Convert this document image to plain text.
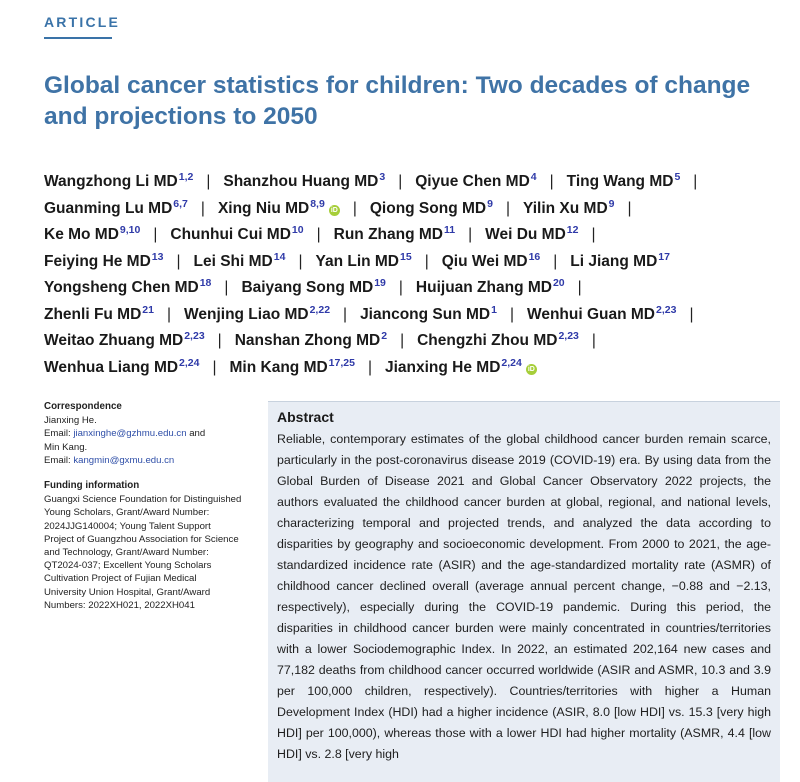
ARTICLE
Global cancer statistics for children: Two decades of change
and projections to 2050
Wangzhong Li MD$^{1,2}$ | Shanzhou Huang $MD^3$ | Qiyue Chen $MD^4$ | Ting Wang $MD^5$ |
Guanming Lu MD$^{6,7}$ | Xing Niu MD$^{8,9}$iD | Qiong Song $MD^9$ | Yilin Xu $MD^9$ |
Ke Mo MD$^{9,10}$ | Chunhui Cui MD$^{10}$ | Run Zhang MD$^{11}$ | Wei Du MD$^{12}$ |
Feiying He MD$^{13}$ | Lei Shi MD$^{14}$ | Yan Lin MD$^{15}$ | Qiu Wei MD$^{16}$ | Li Jiang MD$^{17}$
Yongsheng Chen MD$^{18}$ | Baiyang Song MD$^{19}$ | Huijuan Zhang MD$^{20}$ |
Zhenli Fu MD$^{21}$ | Wenjing Liao MD$^{2,22}$ | Jiancong Sun $MD^1$ | Wenhui Guan MD$^{2,23}$ |
Weitao Zhuang MD$^{2,23}$ | Nanshan Zhong $MD^2$ | Chengzhi Zhou MD$^{2,23}$ |
Wenhua Liang MD$^{2,24}$ | Min Kang MD$^{17,25}$ | Jianxing He MD$^{2,24}$iD
Correspondence
Jianxing He.
Email: jianxinghe@gzhmu.edu.cn and
Min Kang.
Email: kangmin@gxmu.edu.cn
Funding information
Guangxi Science Foundation for Distinguished
Young Scholars, Grant/Award Number:
2024JJG140004; Young Talent Support
Project of Guangzhou Association for Science
and Technology, Grant/Award Number:
QT2024-037; Excellent Young Scholars
Cultivation Project of Fujian Medical
University Union Hospital, Grant/Award
Numbers: 2022XH021, 2022XH041
Abstract

Reliable, contemporary estimates of the global childhood cancer burden remain scarce, particularly in the post-coronavirus disease 2019 (COVID-19) era. By using data from the Global Burden of Disease 2021 and Global Cancer Observatory 2022 projects, the authors evaluated the childhood cancer burden at global, regional, and national levels, characterizing temporal and projected trends, and analyzed the data according to disparities by geography and socioeconomic development. From 2000 to 2021, the age-standardized incidence rate (ASIR) and the age-standardized mortality rate (ASMR) of childhood cancer declined overall (average annual percent change, −0.88 and −2.13, respectively), especially during the COVID-19 pandemic. During this period, the disparities in childhood cancer burden were mainly concentrated in countries/territories with a lower Sociodemographic Index. In 2022, an estimated 202,164 new cases and 77,182 deaths from childhood cancer occurred worldwide (ASIR and ASMR, 10.3 and 3.9 per 100,000 children, respectively). Countries/territories with higher a Human Development Index (HDI) had a higher incidence (ASIR, 8.0 [low HDI] vs. 15.3 [very high HDI] per 100,000), whereas those with a lower HDI had higher mortality (ASMR, 4.4 [low HDI] vs. 2.8 [very high
